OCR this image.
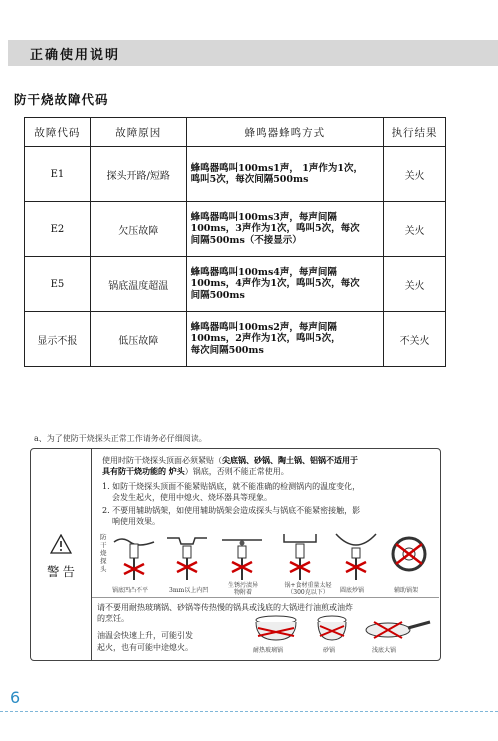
正确使用说明
防干烧故障代码
故障代码	故障原因	蜂鸣器蜂鸣方式	执行结果
E1	探头开路/短路	蜂鸣器鸣叫100ms1声， 1声作为1次，
鸣叫5次，每次间隔500ms	关火
E2	欠压故障	蜂鸣器鸣叫100ms3声，每声间隔
100ms，3声作为1次，鸣叫5次，每次
间隔500ms（不接显示）	关火
E5	锅底温度超温	蜂鸣器鸣叫100ms4声，每声间隔
100ms，4声作为1次，鸣叫5次，每次
间隔500ms	关火
显示不报	低压故障	蜂鸣器鸣叫100ms2声，每声间隔
100ms，2声作为1次，鸣叫5次，
每次间隔500ms	不关火
a、为了使防干烧探头正常工作请务必仔细阅读。
警告
使用时防干烧探头顶面必须紧贴（尖底锅、砂锅、陶土锅、铝锅不适用于
具有防干烧功能的 炉头）锅底，否则不能正常使用。
1. 如防干烧探头顶面不能紧贴锅底，就不能准确的检测锅内的温度变化，
会发生起火，使用中熄火、烧坏器具等现象。
2. 不要用辅助锅架，如使用辅助锅架会造成探头与锅底不能紧密接触，影
响使用效果。
防干烧探头
锅底凹凸不平	3mm以上内凹
生锈污渍异物附着
锅+食材重量太轻（300克以下）	圆底炒锅	辅助锅架
请不要用耐热玻璃锅、砂锅等传热慢的锅具或浅底的大锅进行油煎或油炸
的烹饪。
油温会快速上升，可能引发
起火，也有可能中途熄火。	耐热玻璃锅	砂锅	浅底大锅
6
